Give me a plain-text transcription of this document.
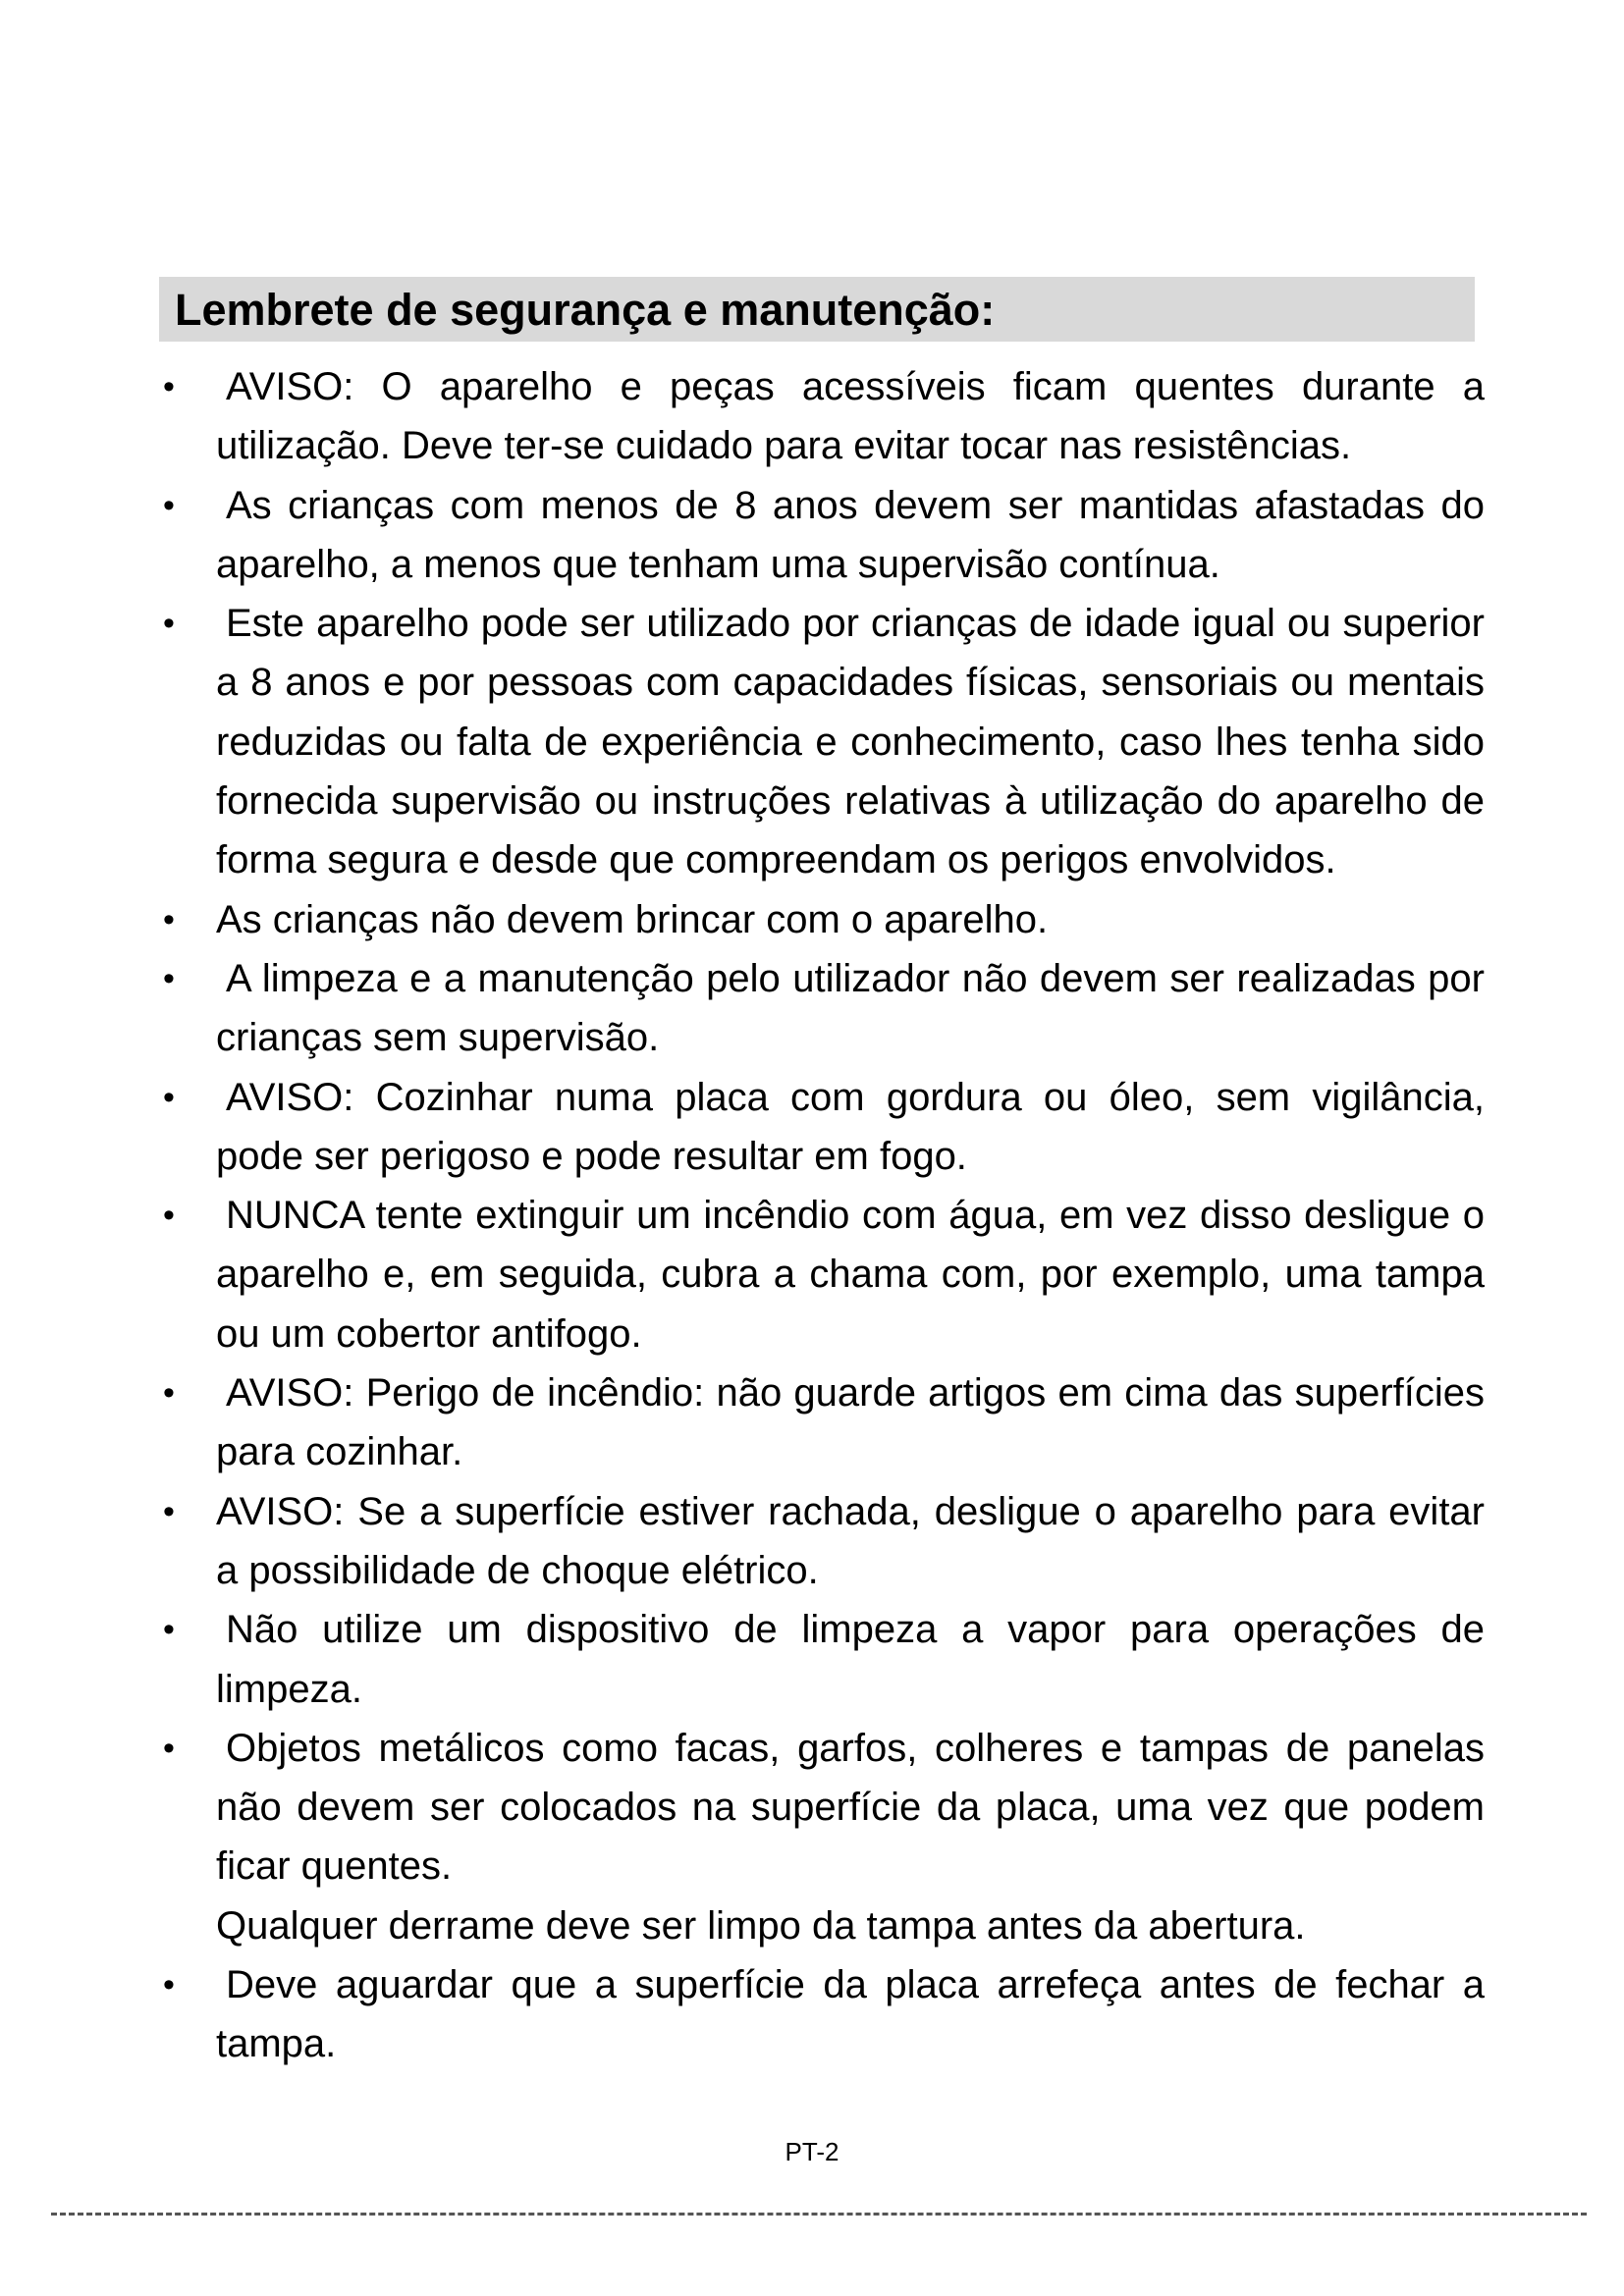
Lembrete de segurança e manutenção:
• AVISO: O aparelho e peças acessíveis ficam quentes durante a utilização. Deve ter-se cuidado para evitar tocar nas resistências.
• As crianças com menos de 8 anos devem ser mantidas afastadas do aparelho, a menos que tenham uma supervisão contínua.
• Este aparelho pode ser utilizado por crianças de idade igual ou superior a 8 anos e por pessoas com capacidades físicas, sensoriais ou mentais reduzidas ou falta de experiência e conhecimento, caso lhes tenha sido fornecida supervisão ou instruções relativas à utilização do aparelho de forma segura e desde que compreendam os perigos envolvidos.
• As crianças não devem brincar com o aparelho.
• A limpeza e a manutenção pelo utilizador não devem ser realizadas por crianças sem supervisão.
• AVISO: Cozinhar numa placa com gordura ou óleo, sem vigilância, pode ser perigoso e pode resultar em fogo.
• NUNCA tente extinguir um incêndio com água, em vez disso desligue o aparelho e, em seguida, cubra a chama com, por exemplo, uma tampa ou um cobertor antifogo.
• AVISO: Perigo de incêndio: não guarde artigos em cima das superfícies para cozinhar.
• AVISO: Se a superfície estiver rachada, desligue o aparelho para evitar a possibilidade de choque elétrico.
• Não utilize um dispositivo de limpeza a vapor para operações de limpeza.
• Objetos metálicos como facas, garfos, colheres e tampas de panelas não devem ser colocados na superfície da placa, uma vez que podem ficar quentes.
Qualquer derrame deve ser limpo da tampa antes da abertura.
• Deve aguardar que a superfície da placa arrefeça antes de fechar a tampa.
PT-2
